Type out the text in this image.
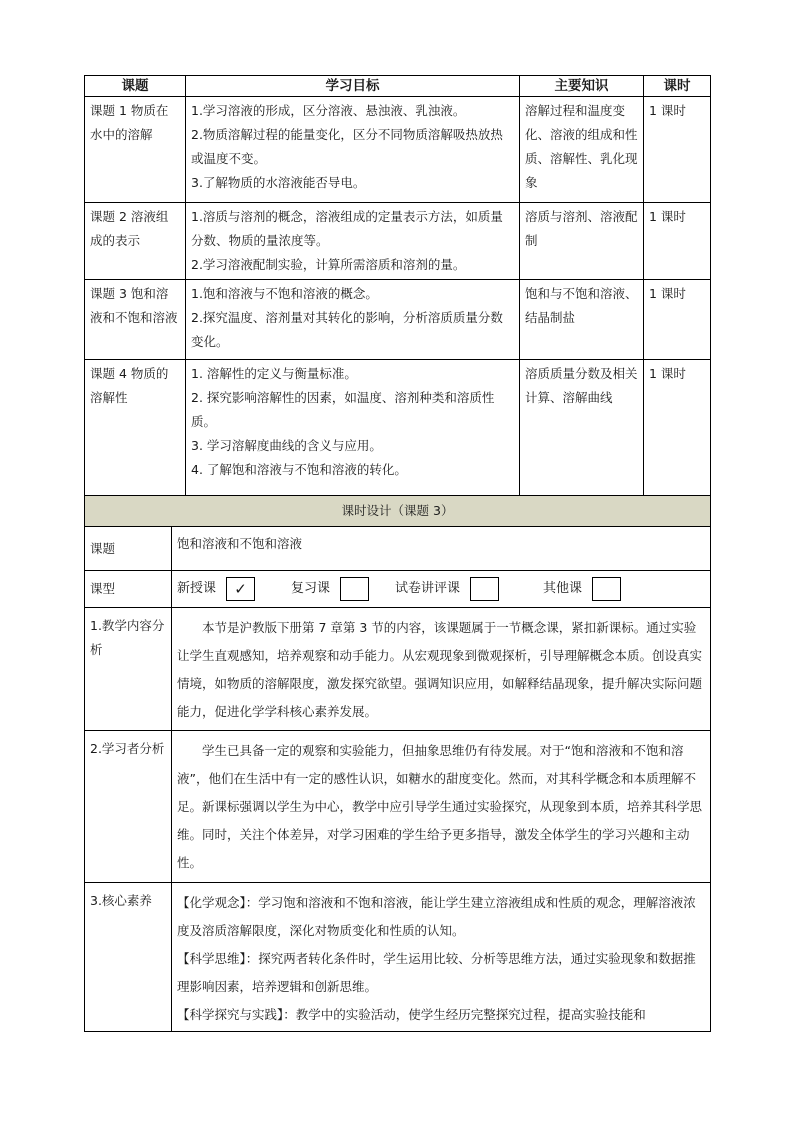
课题	学习目标	主要知识	课时
课题 1 物质在水中的溶解	1.学习溶液的形成，区分溶液、悬浊液、乳浊液。
2.物质溶解过程的能量变化，区分不同物质溶解吸热放热或温度不变。
3.了解物质的水溶液能否导电。	溶解过程和温度变化、溶液的组成和性质、溶解性、乳化现象	1 课时
课题 2 溶液组成的表示	1.溶质与溶剂的概念，溶液组成的定量表示方法，如质量分数、物质的量浓度等。
2.学习溶液配制实验，计算所需溶质和溶剂的量。	溶质与溶剂、溶液配制	1 课时
课题 3 饱和溶液和不饱和溶液	1.饱和溶液与不饱和溶液的概念。
2.探究温度、溶剂量对其转化的影响，分析溶质质量分数变化。	饱和与不饱和溶液、结晶制盐	1 课时
课题 4 物质的溶解性	1. 溶解性的定义与衡量标准。
2. 探究影响溶解性的因素，如温度、溶剂种类和溶质性质。
3. 学习溶解度曲线的含义与应用。
4. 了解饱和溶液与不饱和溶液的转化。	溶质质量分数及相关计算、溶解曲线	1 课时
课时设计（课题 3）	
课题	饱和溶液和不饱和溶液
课型	新授课 ✓ 复习课 试卷讲评课 其他课

1.教学内容分析	本节是沪教版下册第 7 章第 3 节的内容，该课题属于一节概念课，紧扣新课标。通过实验让学生直观感知，培养观察和动手能力。从宏观现象到微观探析，引导理解概念本质。创设真实情境，如物质的溶解限度，激发探究欲望。强调知识应用，如解释结晶现象，提升解决实际问题能力，促进化学学科核心素养发展。
2.学习者分析	学生已具备一定的观察和实验能力，但抽象思维仍有待发展。对于“饱和溶液和不饱和溶液”，他们在生活中有一定的感性认识，如糖水的甜度变化。然而，对其科学概念和本质理解不足。新课标强调以学生为中心，教学中应引导学生通过实验探究，从现象到本质，培养其科学思维。同时，关注个体差异，对学习困难的学生给予更多指导，激发全体学生的学习兴趣和主动性。
3.核心素养	【化学观念】：学习饱和溶液和不饱和溶液，能让学生建立溶液组成和性质的观念，理解溶液浓度及溶质溶解限度，深化对物质变化和性质的认知。
【科学思维】：探究两者转化条件时，学生运用比较、分析等思维方法，通过实验现象和数据推理影响因素，培养逻辑和创新思维。
【科学探究与实践】：教学中的实验活动，使学生经历完整探究过程，提高实验技能和
